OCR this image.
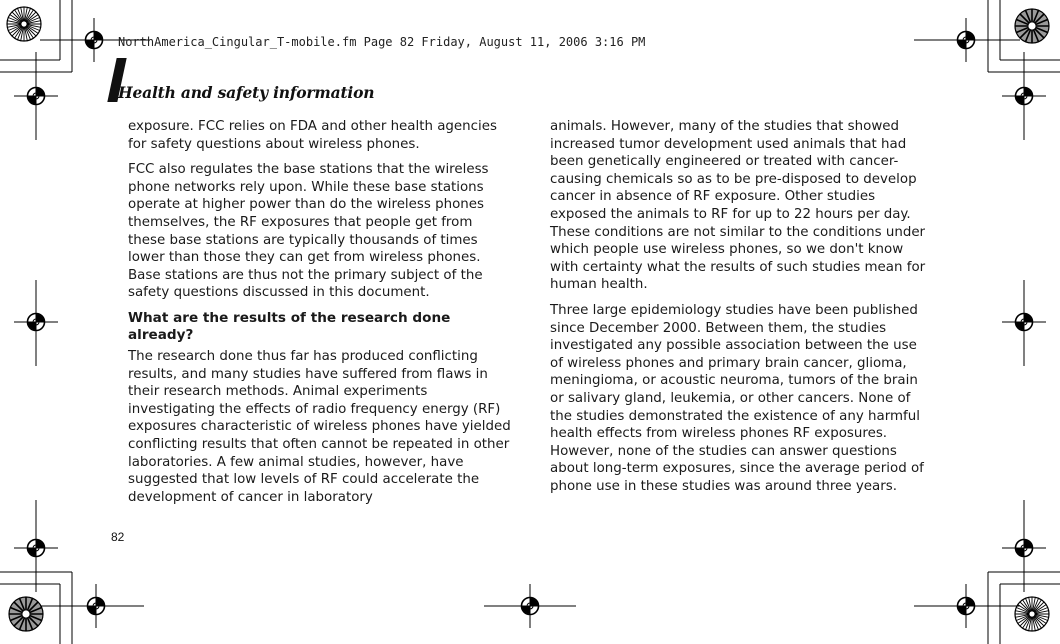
NorthAmerica_Cingular_T-mobile.fm Page 82 Friday, August 11, 2006 3:16 PM
Health and safety information

exposure. FCC relies on FDA and other health agencies for safety questions about wireless phones.

FCC also regulates the base stations that the wireless phone networks rely upon. While these base stations operate at higher power than do the wireless phones themselves, the RF exposures that people get from these base stations are typically thousands of times lower than those they can get from wireless phones. Base stations are thus not the primary subject of the safety questions discussed in this document.

What are the results of the research done already?

The research done thus far has produced conflicting results, and many studies have suffered from flaws in their research methods. Animal experiments investigating the effects of radio frequency energy (RF) exposures characteristic of wireless phones have yielded conflicting results that often cannot be repeated in other laboratories. A few animal studies, however, have suggested that low levels of RF could accelerate the development of cancer in laboratory

animals. However, many of the studies that showed increased tumor development used animals that had been genetically engineered or treated with cancer-causing chemicals so as to be pre-disposed to develop cancer in absence of RF exposure. Other studies exposed the animals to RF for up to 22 hours per day. These conditions are not similar to the conditions under which people use wireless phones, so we don't know with certainty what the results of such studies mean for human health.

Three large epidemiology studies have been published since December 2000. Between them, the studies investigated any possible association between the use of wireless phones and primary brain cancer, glioma, meningioma, or acoustic neuroma, tumors of the brain or salivary gland, leukemia, or other cancers. None of the studies demonstrated the existence of any harmful health effects from wireless phones RF exposures. However, none of the studies can answer questions about long-term exposures, since the average period of phone use in these studies was around three years.

82
